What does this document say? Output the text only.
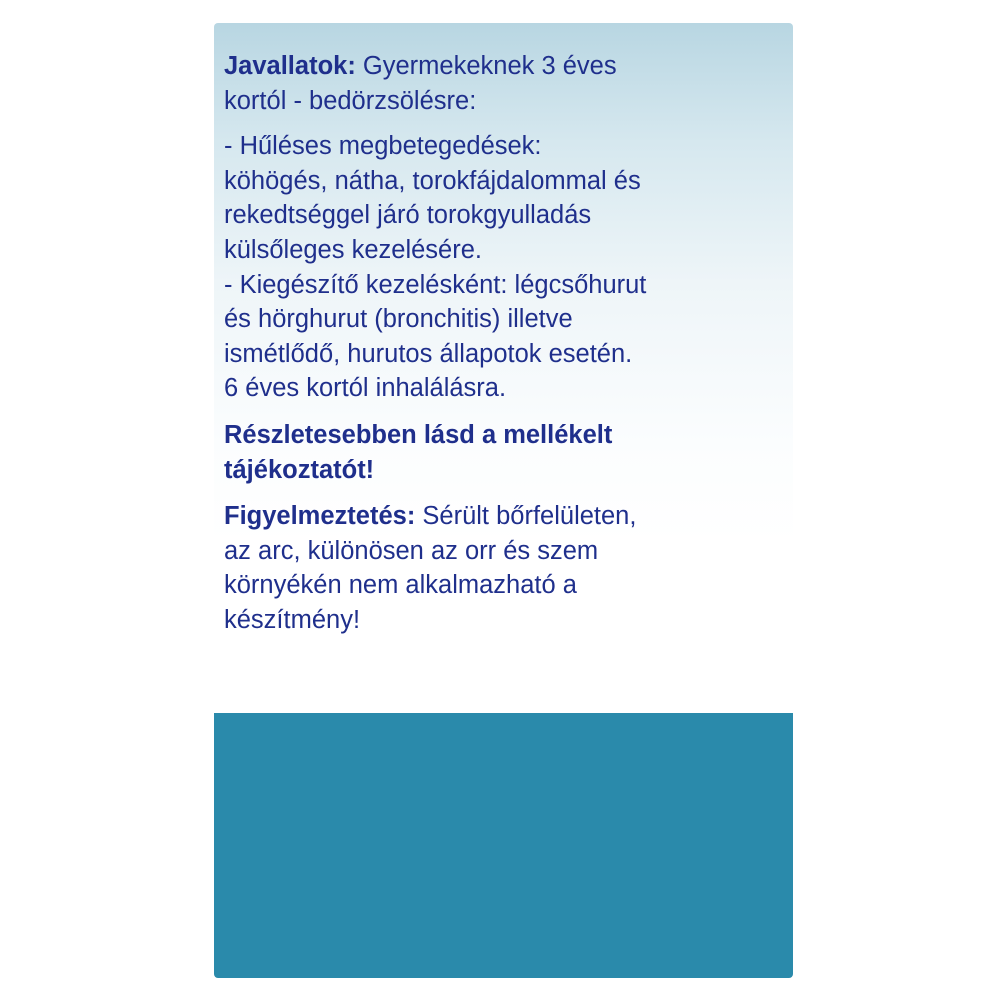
Javallatok: Gyermekeknek 3 éves

kortól - bedörzsölésre:

- Hűléses megbetegedések:

köhögés, nátha, torokfájdalommal és

rekedtséggel járó torokgyulladás

külsőleges kezelésére.

- Kiegészítő kezelésként: légcsőhurut

és hörghurut (bronchitis) illetve

ismétlődő, hurutos állapotok esetén.

6 éves kortól inhalálásra.

Részletesebben lásd a mellékelt

tájékoztatót!

Figyelmeztetés: Sérült bőrfelületen,

az arc, különösen az orr és szem

környékén nem alkalmazható a

készítmény!
